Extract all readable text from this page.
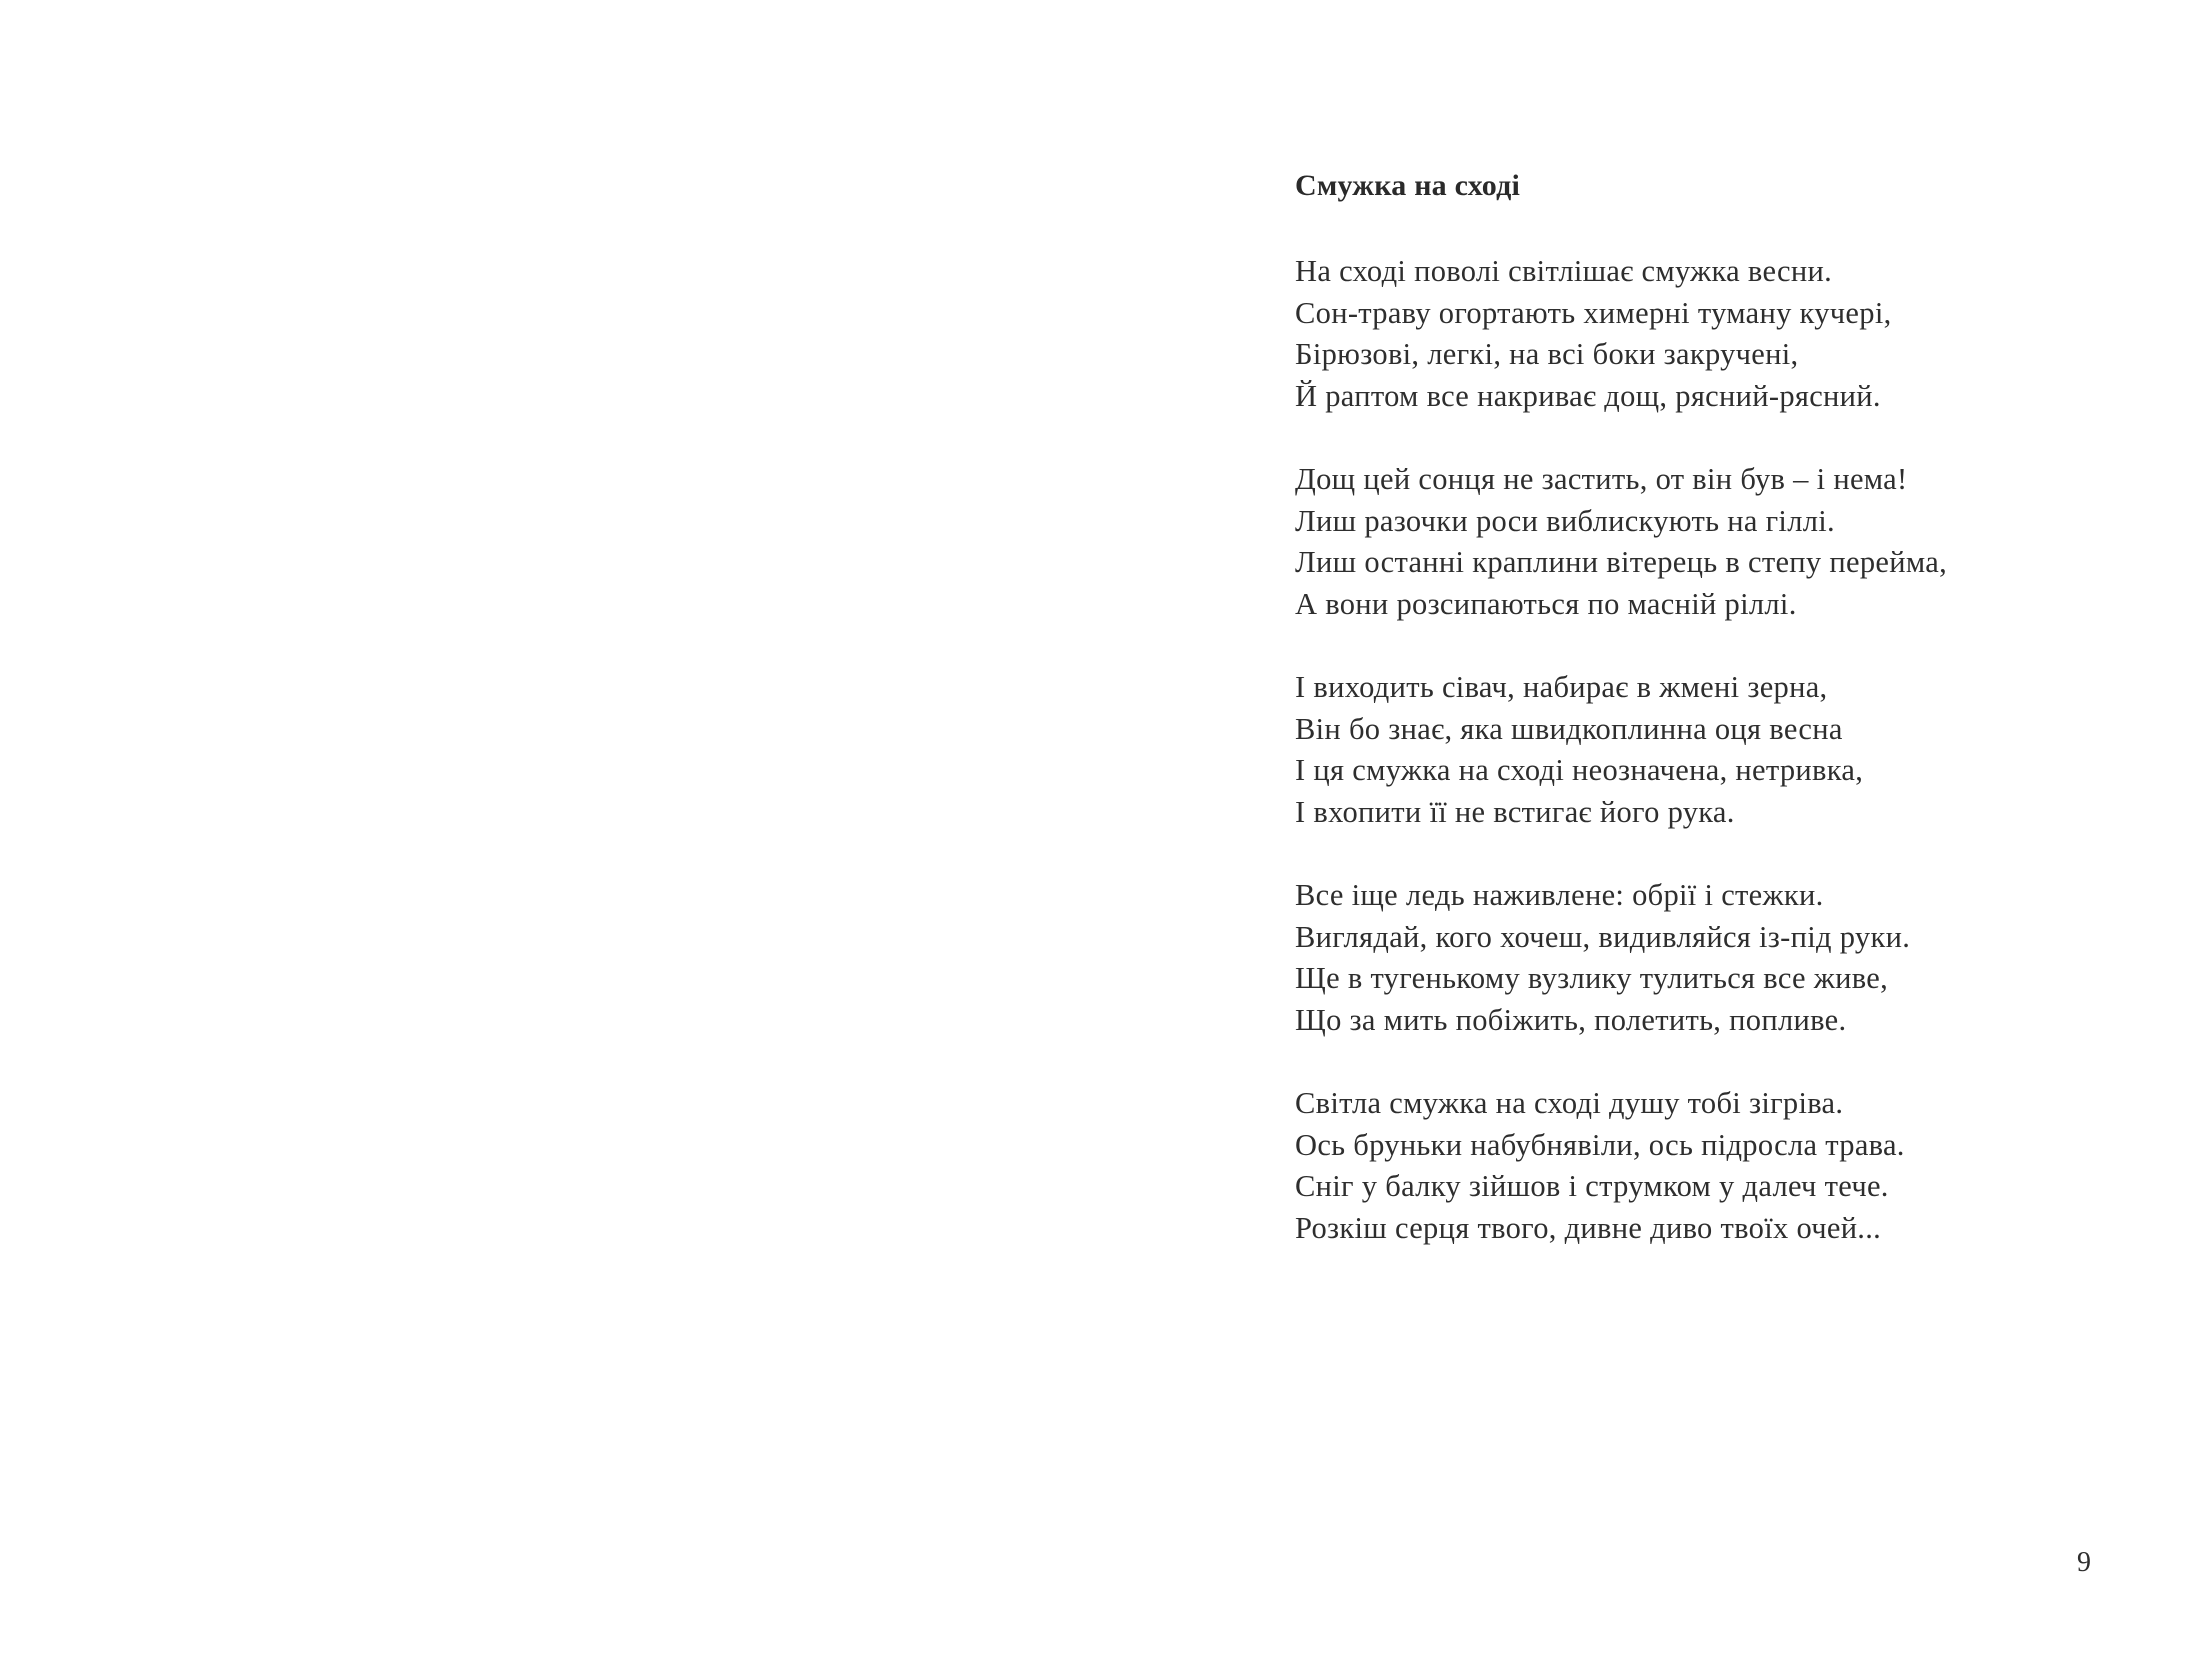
Смужка на сході
На сході поволі світлішає смужка весни.
Сон-траву огортають химерні туману кучері,
Бірюзові, легкі, на всі боки закручені,
Й раптом все накриває дощ, рясний-рясний.
Дощ цей сонця не застить, от він був – і нема!
Лиш разочки роси виблискують на гіллі.
Лиш останні краплини вітерець в степу перейма,
А вони розсипаються по масній ріллі.
І виходить сівач, набирає в жмені зерна,
Він бо знає, яка швидкоплинна оця весна
І ця смужка на сході неозначена, нетривка,
І вхопити її не встигає його рука.
Все іще ледь наживлене: обрії і стежки.
Виглядай, кого хочеш, видивляйся із-під руки.
Ще в тугенькому вузлику тулиться все живе,
Що за мить побіжить, полетить, попливе.
Світла смужка на сході душу тобі зігріва.
Ось бруньки набубнявіли, ось підросла трава.
Сніг у балку зійшов і струмком у далеч тече.
Розкіш серця твого, дивне диво твоїх очей...
9
